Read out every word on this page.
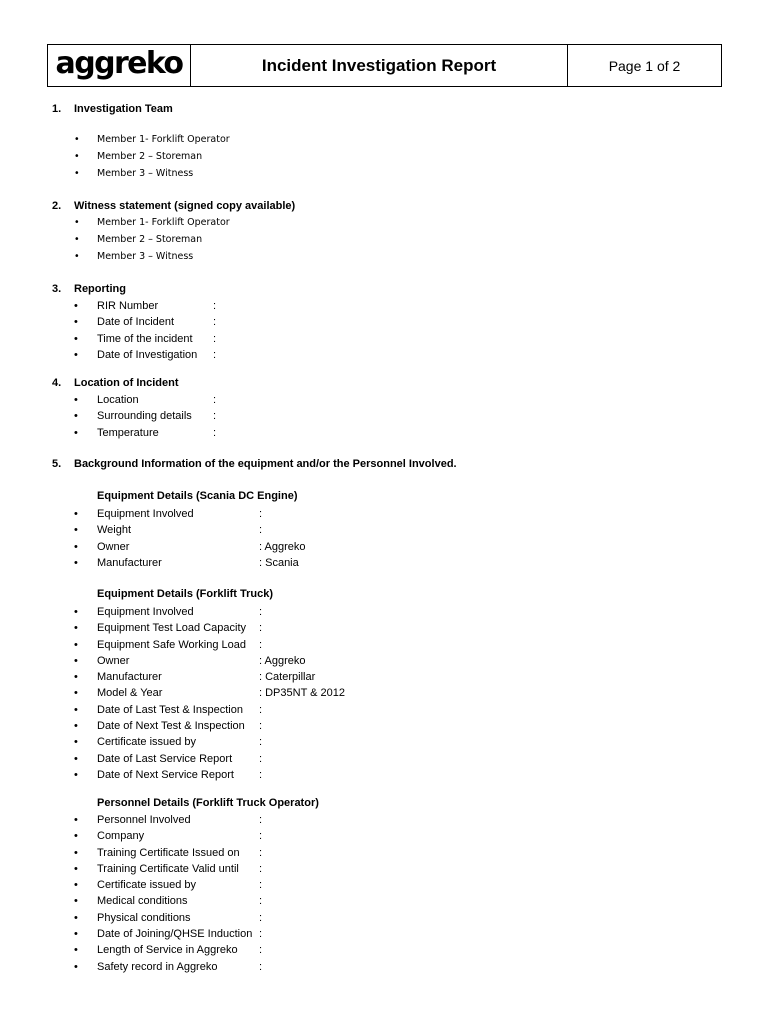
aggreko	Incident Investigation Report	Page 1 of 2
1. Investigation Team
• Member 1- Forklift Operator
• Member 2 – Storeman
• Member 3 – Witness
2. Witness statement (signed copy available)
• Member 1- Forklift Operator
• Member 2 – Storeman
• Member 3 – Witness
3. Reporting
• RIR Number	:
• Date of Incident	:
• Time of the incident :
• Date of Investigation :
4. Location of Incident
• Location	:
• Surrounding details :
• Temperature	:
5. Background Information of the equipment and/or the Personnel Involved.
Equipment Details (Scania DC Engine)
• Equipment Involved	:
• Weight	:
• Owner	: Aggreko
• Manufacturer	: Scania
Equipment Details (Forklift Truck)
• Equipment Involved	:
• Equipment Test Load Capacity :
• Equipment Safe Working Load :
• Owner	: Aggreko
• Manufacturer	: Caterpillar
• Model & Year	: DP35NT & 2012
• Date of Last Test & Inspection :
• Date of Next Test & Inspection :
• Certificate issued by	:
• Date of Last Service Report :
• Date of Next Service Report :
Personnel Details (Forklift Truck Operator)
• Personnel Involved	:
• Company	:
• Training Certificate Issued on :
• Training Certificate Valid until :
• Certificate issued by	:
• Medical conditions	:
• Physical conditions	:
• Date of Joining/QHSE Induction :
• Length of Service in Aggreko :
• Safety record in Aggreko	:
